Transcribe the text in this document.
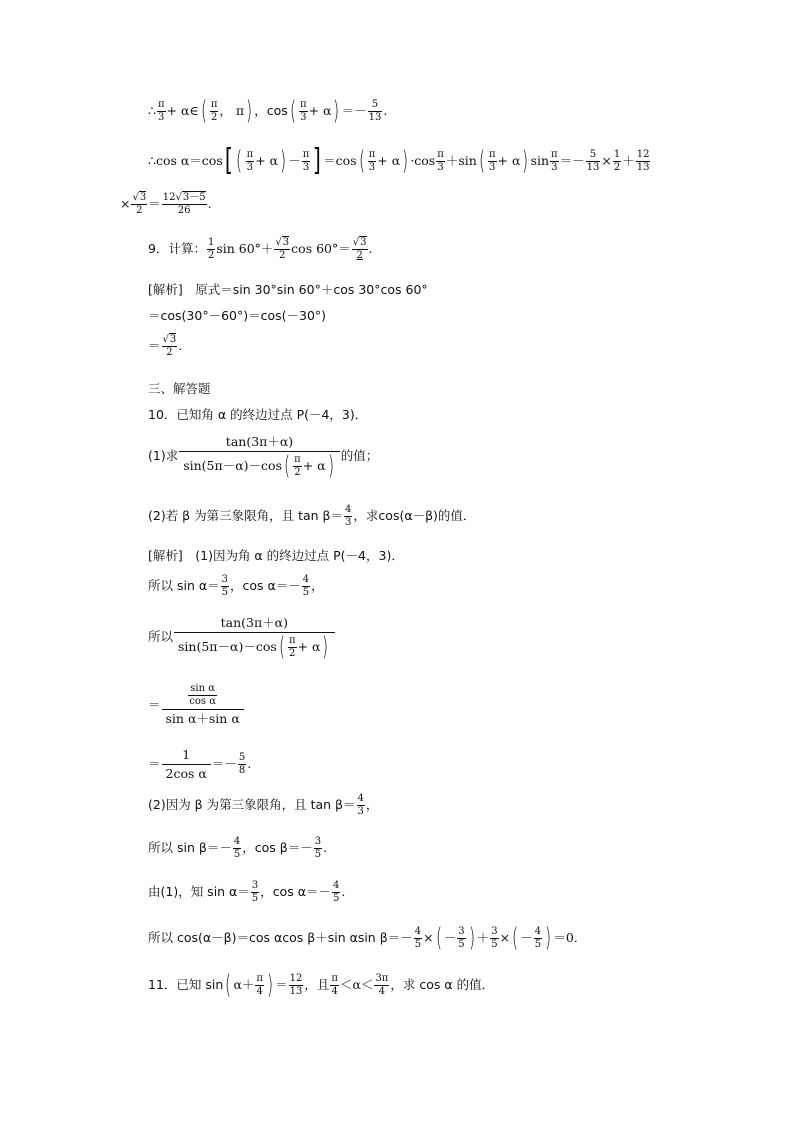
∴ $\frac{\pi}{3}$ + α∈ ( $\frac{\pi}{2}$ ， π ) ，cos ( $\frac{\pi}{3} + \alpha$ ) ＝－ $\frac{5}{13}$ .
∴ cos α＝cos [ ( $\frac{\pi}{3} + \alpha$ ) － $\frac{\pi}{3}$ ] ＝cos ( $\frac{\pi}{3} + \alpha$ ) $\cdot\cos \frac{\pi}{3} +\sin$ ( $\frac{\pi}{3} + \alpha$ ) $\sin \frac{\pi}{3} =- \frac{5}{13} \times \frac{1}{2} + \frac{12}{13}$
× $\frac{√3}{2} = \frac{12√3-5}{26}$ .
9．计算： $\frac{1}{2}$ $\sin 60^\circ+ \frac{√3}{2}$ $\cos 60^\circ= \frac{√3}{2}$ .
[解析]　原式＝sin 30°sin 60°＋cos 30°cos 60°
＝cos(30°－60°)＝cos(－30°)
＝ $\frac{√3}{2}$ .
三、解答题
10．已知角 α 的终边过点 P(－4，3)．
(1)求 $\frac{\tan(3\pi+\alpha)}{\sin(5\pi-\alpha)-\cos ( \frac{\pi}{2} + \alpha )}$ 的值；
(2)若 β 为第三象限角，且 $\tan \beta= \frac{4}{3}$ ，求cos(α－β)的值．
[解析]　(1)因为角 α 的终边过点 P(－4，3)．
所以 $\sin \alpha= \frac{3}{5}$ ，$\cos \alpha=- \frac{4}{5}$ ，
所以 $\frac{\tan(3\pi+\alpha)}{\sin(5\pi-\alpha)-\cos ( \frac{\pi}{2} + \alpha )}$
＝ $\frac{\frac{\text{sin α}}{\text{cos α}}}{\text{sin α＋sin α}}$
＝ $\frac{1}{\text{2cos α}} =- \frac{5}{8}$ .
(2)因为 β 为第三象限角，且 $\tan \beta= \frac{4}{3}$ ，
所以 $\sin \beta=- \frac{4}{5}$ ，$\cos \beta=- \frac{3}{5}$ .
由(1)，知 $\sin \alpha= \frac{3}{5}$ ，$\cos \alpha=- \frac{4}{5}$ .
所以 cos(α－β)＝cos αcos β＋sin αsin $\beta=- \frac{4}{5}$ × ( － $\frac{3}{5}$ ) ＋ $\frac{3}{5}$ × ( － $\frac{4}{5}$ ) ＝0.
11．已知 sin ( $\alpha+ \frac{\pi}{4}$ ) ＝ $\frac{12}{13}$ ，且 $\frac{\pi}{4} <\alpha< \frac{3\pi}{4}$ ，求 cos α 的值．
